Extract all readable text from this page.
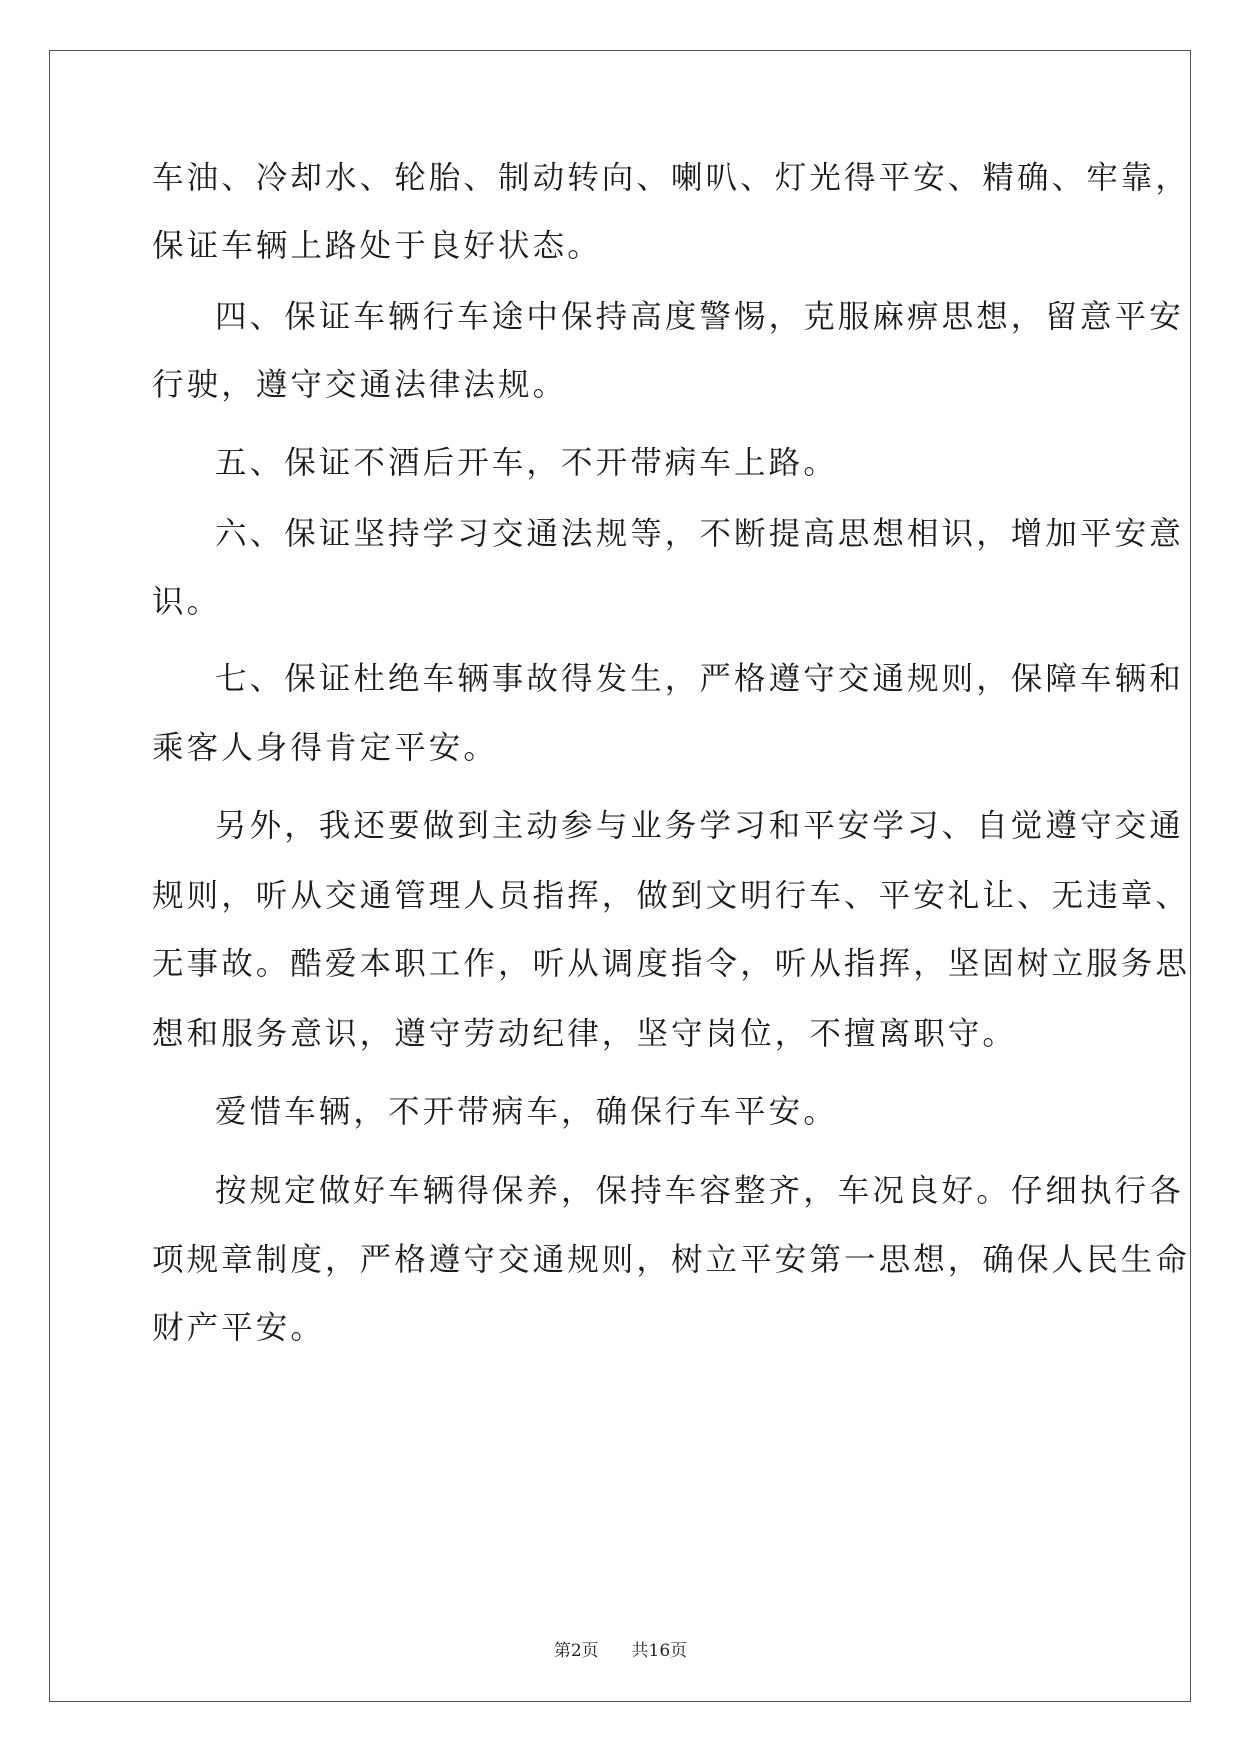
车油、冷却水、轮胎、制动转向、喇叭、灯光得平安、精确、牢靠，
保证车辆上路处于良好状态。
四、保证车辆行车途中保持高度警惕，克服麻痹思想，留意平安
行驶，遵守交通法律法规。
五、保证不酒后开车，不开带病车上路。
六、保证坚持学习交通法规等，不断提高思想相识，增加平安意
识。
七、保证杜绝车辆事故得发生，严格遵守交通规则，保障车辆和
乘客人身得肯定平安。
另外，我还要做到主动参与业务学习和平安学习、自觉遵守交通
规则，听从交通管理人员指挥，做到文明行车、平安礼让、无违章、
无事故。酷爱本职工作，听从调度指令，听从指挥，坚固树立服务思
想和服务意识，遵守劳动纪律，坚守岗位，不擅离职守。
爱惜车辆，不开带病车，确保行车平安。
按规定做好车辆得保养，保持车容整齐，车况良好。仔细执行各
项规章制度，严格遵守交通规则，树立平安第一思想，确保人民生命
财产平安。
第2页 共16页
